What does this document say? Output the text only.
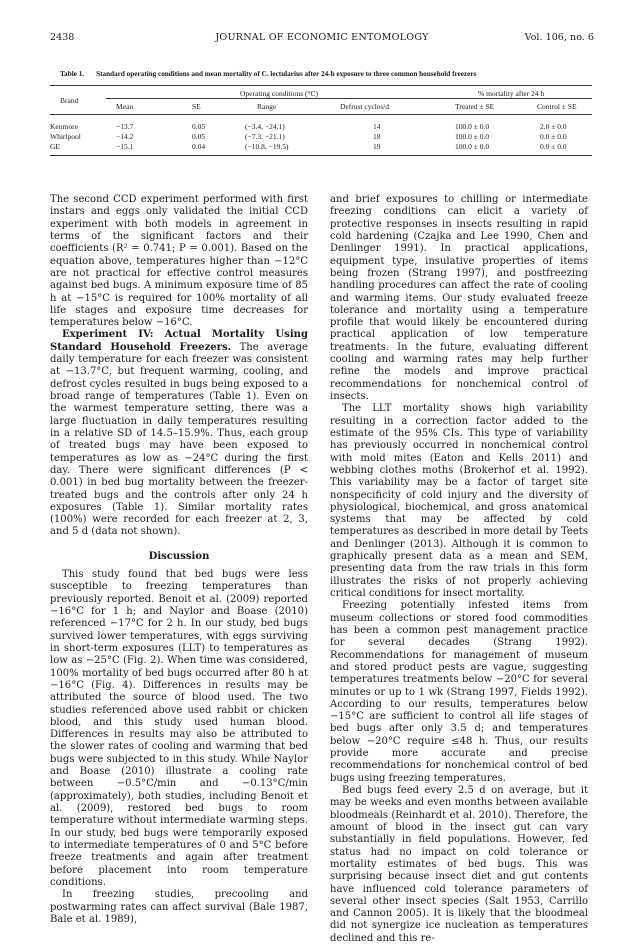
2438	JOURNAL OF ECONOMIC ENTOMOLOGY	Vol. 106, no. 6
Table 1. Standard operating conditions and mean mortality of C. lectularius after 24-h exposure to three common household freezers
Brand
Operating conditions (°C)	% mortality after 24 h
Mean	SE	Range	Defrost cycles/d	Treated ± SE	Control ± SE
Kenmore	−13.7	0.05	(−3.4, −24.1)	14	100.0 ± 0.0	2.0 ± 0.0
Whirlpool	−14.2	0.05	(−7.3, −21.1)	18	100.0 ± 0.0	0.0 ± 0.0
GE	−15.1	0.04	(−10.8, −19.5)	19	100.0 ± 0.0	0.0 ± 0.0

The second CCD experiment performed with first instars and eggs only validated the initial CCD experiment with both models in agreement in terms of the significant factors and their coefficients (R² = 0.741; P = 0.001). Based on the equation above, temperatures higher than −12°C are not practical for effective control measures against bed bugs. A minimum exposure time of 85 h at −15°C is required for 100% mortality of all life stages and exposure time decreases for temperatures below −16°C.

Experiment IV: Actual Mortality Using Standard Household Freezers. The average daily temperature for each freezer was consistent at −13.7°C, but frequent warming, cooling, and defrost cycles resulted in bugs being exposed to a broad range of temperatures (Table 1). Even on the warmest temperature setting, there was a large fluctuation in daily temperatures resulting in a relative SD of 14.5–15.9%. Thus, each group of treated bugs may have been exposed to temperatures as low as −24°C during the first day. There were significant differences (P < 0.001) in bed bug mortality between the freezer-treated bugs and the controls after only 24 h exposures (Table 1). Similar mortality rates (100%) were recorded for each freezer at 2, 3, and 5 d (data not shown).

Discussion

This study found that bed bugs were less susceptible to freezing temperatures than previously reported. Benoit et al. (2009) reported −16°C for 1 h; and Naylor and Boase (2010) referenced −17°C for 2 h. In our study, bed bugs survived lower temperatures, with eggs surviving in short-term exposures (LLT) to temperatures as low as −25°C (Fig. 2). When time was considered, 100% mortality of bed bugs occurred after 80 h at −16°C (Fig. 4). Differences in results may be attributed the source of blood used. The two studies referenced above used rabbit or chicken blood, and this study used human blood. Differences in results may also be attributed to the slower rates of cooling and warming that bed bugs were subjected to in this study. While Naylor and Boase (2010) illustrate a cooling rate between −0.5°C/min and −0.13°C/min (approximately), both studies, including Benoit et al. (2009), restored bed bugs to room temperature without intermediate warming steps. In our study, bed bugs were temporarily exposed to intermediate temperatures of 0 and 5°C before freeze treatments and again after treatment before placement into room temperature conditions.

In freezing studies, precooling and postwarming rates can affect survival (Bale 1987, Bale et al. 1989),

and brief exposures to chilling or intermediate freezing conditions can elicit a variety of protective responses in insects resulting in rapid cold hardening (Czajka and Lee 1990, Chen and Denlinger 1991). In practical applications, equipment type, insulative properties of items being frozen (Strang 1997), and postfreezing handling procedures can affect the rate of cooling and warming items. Our study evaluated freeze tolerance and mortality using a temperature profile that would likely be encountered during practical application of low temperature treatments. In the future, evaluating different cooling and warming rates may help further refine the models and improve practical recommendations for nonchemical control of insects.

The LLT mortality shows high variability resulting in a correction factor added to the estimate of the 95% CIs. This type of variability has previously occurred in nonchemical control with mold mites (Eaton and Kells 2011) and webbing clothes moths (Brokerhof et al. 1992). This variability may be a factor of target site nonspecificity of cold injury and the diversity of physiological, biochemical, and gross anatomical systems that may be affected by cold temperatures as described in more detail by Teets and Denlinger (2013). Although it is common to graphically present data as a mean and SEM, presenting data from the raw trials in this form illustrates the risks of not properly achieving critical conditions for insect mortality.

Freezing potentially infested items from museum collections or stored food commodities has been a common pest management practice for several decades (Strang 1992). Recommendations for management of museum and stored product pests are vague, suggesting temperatures treatments below −20°C for several minutes or up to 1 wk (Strang 1997, Fields 1992). According to our results, temperatures below −15°C are sufficient to control all life stages of bed bugs after only 3.5 d; and temperatures below −20°C require ≤48 h. Thus, our results provide more accurate and precise recommendations for nonchemical control of bed bugs using freezing temperatures.

Bed bugs feed every 2.5 d on average, but it may be weeks and even months between available bloodmeals (Reinhardt et al. 2010). Therefore, the amount of blood in the insect gut can vary substantially in field populations. However, fed status had no impact on cold tolerance or mortality estimates of bed bugs. This was surprising because insect diet and gut contents have influenced cold tolerance parameters of several other insect species (Salt 1953, Carrillo and Cannon 2005). It is likely that the bloodmeal did not synergize ice nucleation as temperatures declined and this re-
